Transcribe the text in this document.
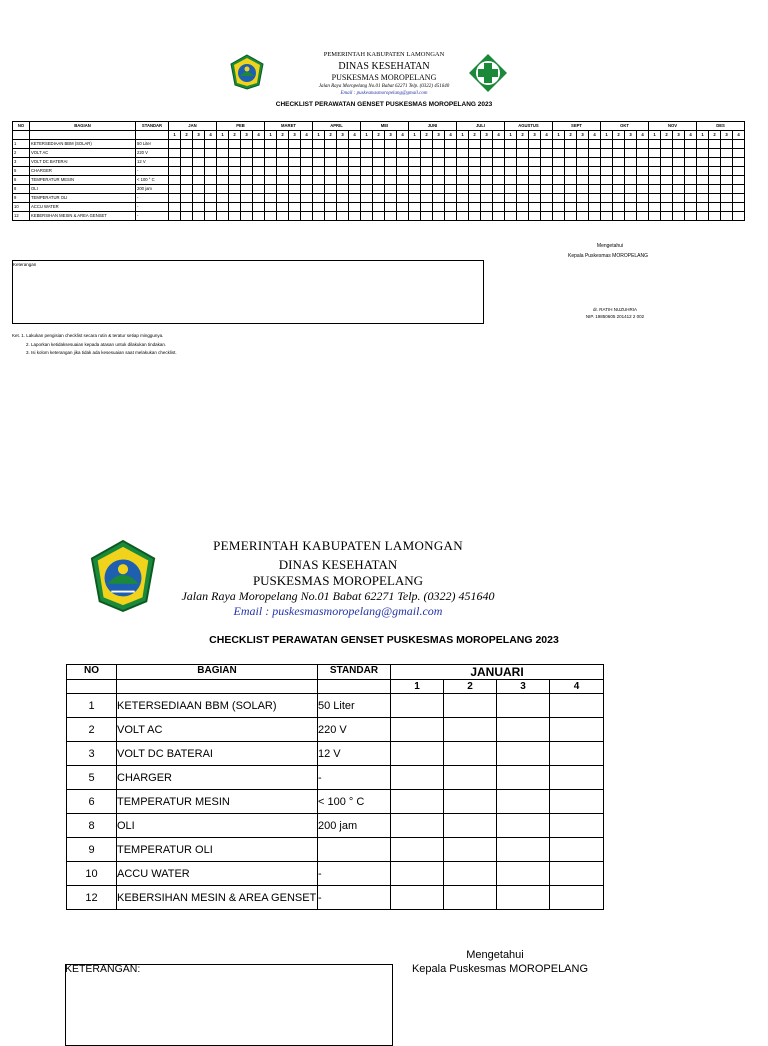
PEMERINTAH KABUPATEN LAMONGAN
DINAS KESEHATAN
PUSKESMAS MOROPELANG
Jalan Raya Moropelang No.01 Babat 62271 Telp. (0322) 451640
Email : puskesmasmoropelang@gmail.com
CHECKLIST PERAWATAN GENSET PUSKESMAS MOROPELANG 2023
NO	BAGIAN	STANDAR	JAN				PEB				MARET				APRIL				MEI				JUNI				JULI				AGUSTUS				SEPT				OKT				NOV				DES			
			1	2	3	4	1	2	3	4	1	2	3	4	1	2	3	4	1	2	3	4	1	2	3	4	1	2	3	4	1	2	3	4	1	2	3	4	1	2	3	4	1	2	3	4	1	2	3	4
1	KETERSEDIAAN BBM (SOLAR)	50 Liter																																																
2	VOLT AC	220 V																																																
3	VOLT DC BATERAI	12 V																																																
5	CHARGER	-																																																
6	TEMPERATUR MESIN	< 100 ° C																																																
8	OLI	200 jam																																																
9	TEMPERATUR OLI	-																																																
10	ACCU WATER	-																																																
12	KEBERSIHAN MESIN & AREA GENSET	-																																																
Mengetahui
Kepala Puskesmas MOROPELANG
Keterangan
dr. RATIH NUZUHRIA
NIP. 19850605 201412 2 002
Ket. 1. Lakukan pengisian checklist secara rutin & teratur setiap minggunya.
2. Laporkan ketidaksesuaian kepada atasan untuk dilakukan tindakan.
3. Isi kolom keterangan jika tidak ada kesesuaian saat melakukan checklist.
PEMERINTAH KABUPATEN LAMONGAN
DINAS KESEHATAN
PUSKESMAS MOROPELANG
Jalan Raya Moropelang No.01 Babat 62271 Telp. (0322) 451640
Email : puskesmasmoropelang@gmail.com
CHECKLIST PERAWATAN GENSET PUSKESMAS MOROPELANG 2023
NO	BAGIAN	STANDAR	JANUARI			
			1	2	3	4
1	KETERSEDIAAN BBM (SOLAR)	50 Liter				
2	VOLT AC	220 V				
3	VOLT DC BATERAI	12 V				
5	CHARGER	-				
6	TEMPERATUR MESIN	< 100 ° C				
8	OLI	200 jam				
9	TEMPERATUR OLI					
10	ACCU WATER	-				
12	KEBERSIHAN MESIN & AREA GENSET	-				
Mengetahui
Kepala Puskesmas MOROPELANG
KETERANGAN:
